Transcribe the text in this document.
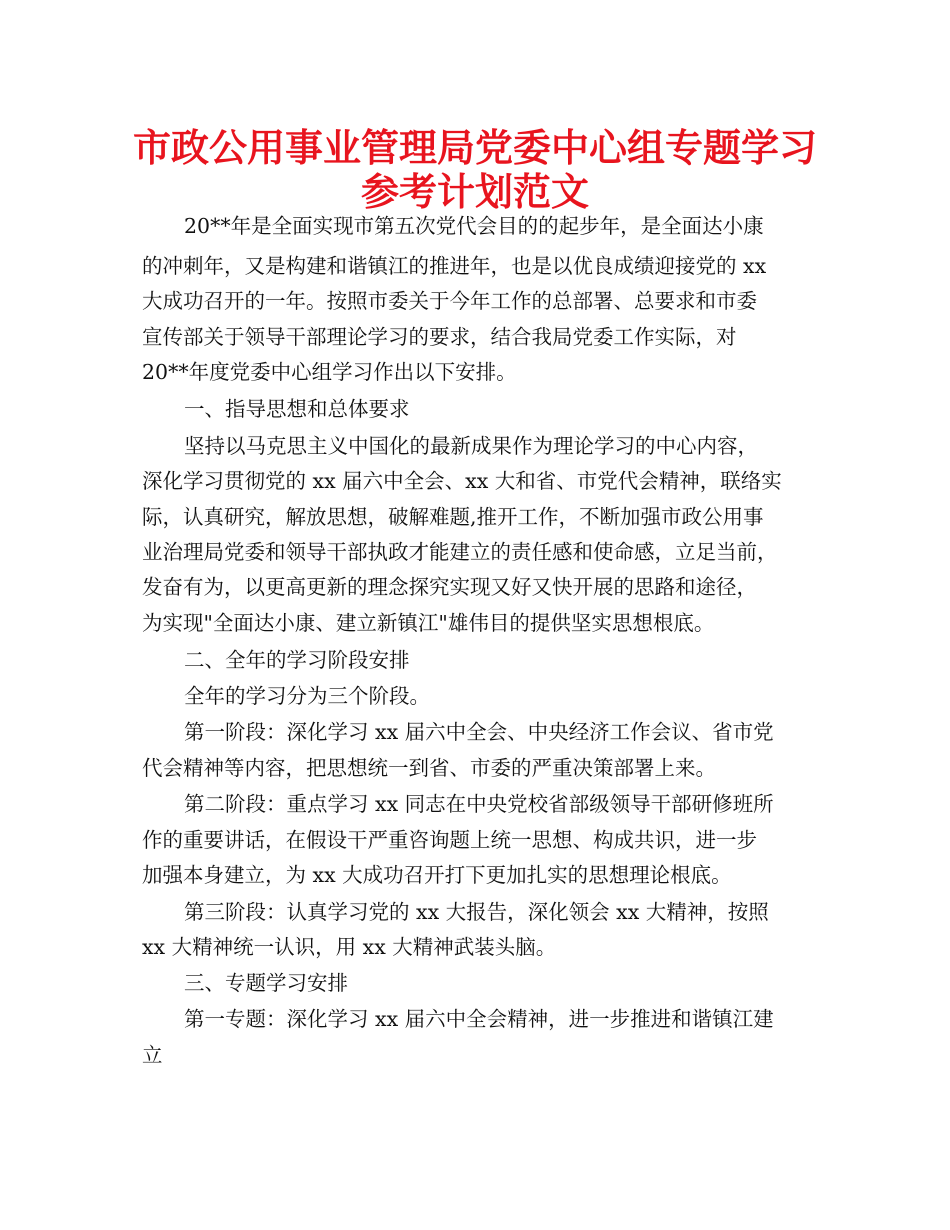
市政公用事业管理局党委中心组专题学习
参考计划范文

20**年是全面实现市第五次党代会目的的起步年，是全面达小康

的冲刺年，又是构建和谐镇江的推进年，也是以优良成绩迎接党的 xx

大成功召开的一年。按照市委关于今年工作的总部署、总要求和市委

宣传部关于领导干部理论学习的要求，结合我局党委工作实际，对

20**年度党委中心组学习作出以下安排。

一、指导思想和总体要求

坚持以马克思主义中国化的最新成果作为理论学习的中心内容，

深化学习贯彻党的 xx 届六中全会、xx 大和省、市党代会精神，联络实

际，认真研究，解放思想，破解难题,推开工作，不断加强市政公用事

业治理局党委和领导干部执政才能建立的责任感和使命感，立足当前，

发奋有为，以更高更新的理念探究实现又好又快开展的思路和途径，

为实现"全面达小康、建立新镇江"雄伟目的提供坚实思想根底。

二、全年的学习阶段安排

全年的学习分为三个阶段。

第一阶段：深化学习 xx 届六中全会、中央经济工作会议、省市党

代会精神等内容，把思想统一到省、市委的严重决策部署上来。

第二阶段：重点学习 xx 同志在中央党校省部级领导干部研修班所

作的重要讲话，在假设干严重咨询题上统一思想、构成共识，进一步

加强本身建立，为 xx 大成功召开打下更加扎实的思想理论根底。

第三阶段：认真学习党的 xx 大报告，深化领会 xx 大精神，按照

xx 大精神统一认识，用 xx 大精神武装头脑。

三、专题学习安排

第一专题：深化学习 xx 届六中全会精神，进一步推进和谐镇江建

立
